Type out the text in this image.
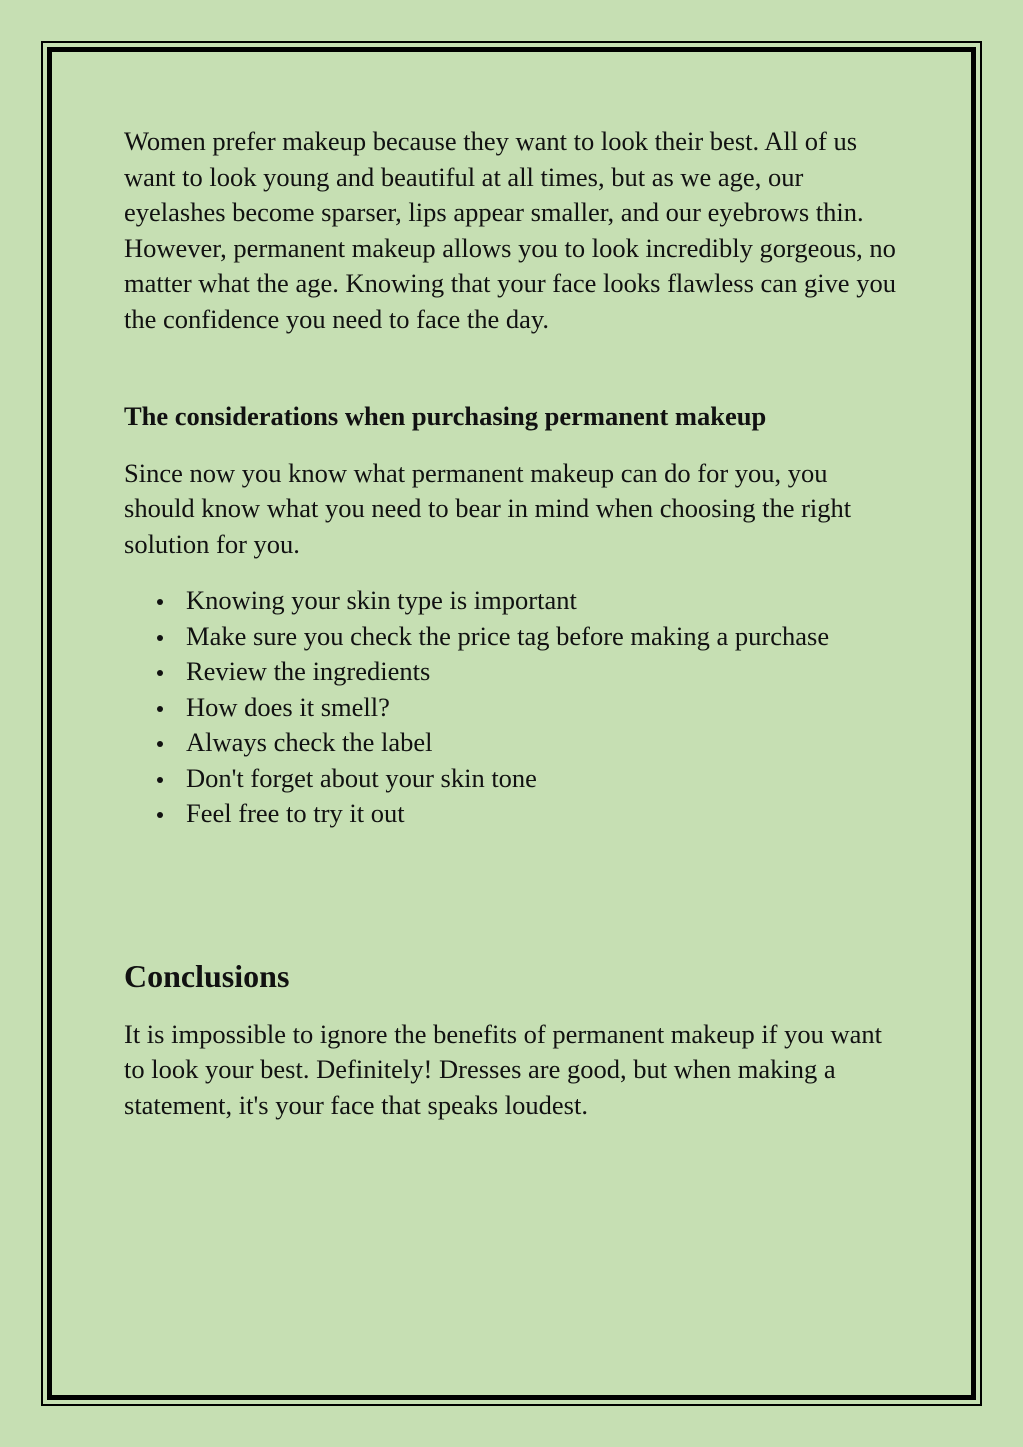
Women prefer makeup because they want to look their best. All of us want to look young and beautiful at all times, but as we age, our eyelashes become sparser, lips appear smaller, and our eyebrows thin. However, permanent makeup allows you to look incredibly gorgeous, no matter what the age. Knowing that your face looks flawless can give you the confidence you need to face the day.

The considerations when purchasing permanent makeup

Since now you know what permanent makeup can do for you, you should know what you need to bear in mind when choosing the right solution for you.

Knowing your skin type is important
Make sure you check the price tag before making a purchase
Review the ingredients
How does it smell?
Always check the label
Don't forget about your skin tone
Feel free to try it out

Conclusions

It is impossible to ignore the benefits of permanent makeup if you want to look your best. Definitely! Dresses are good, but when making a statement, it's your face that speaks loudest.
